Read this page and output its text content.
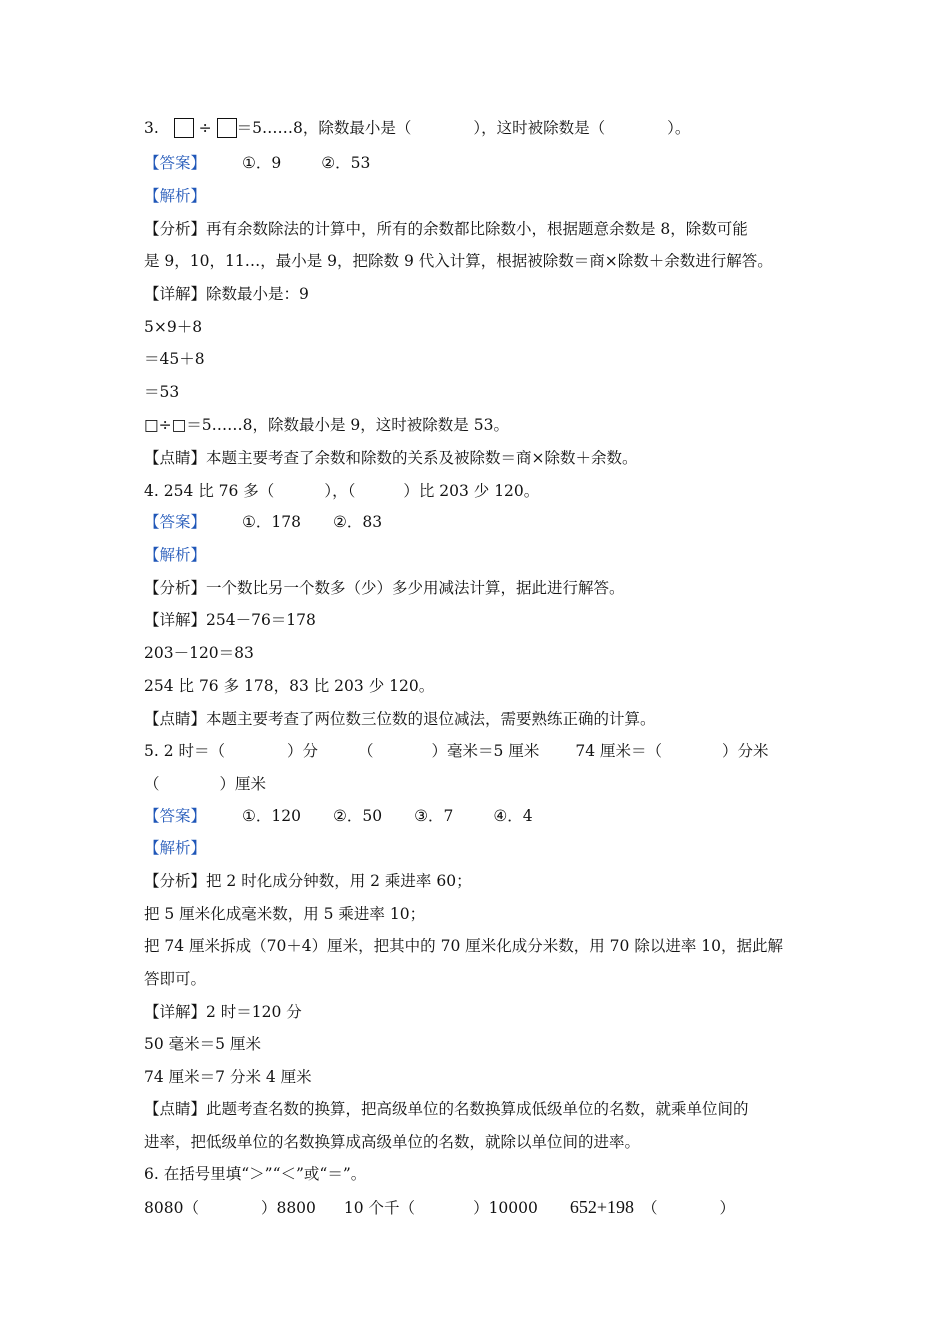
3.	÷ ＝5……8，除数最小是（	），这时被除数是（	）。
【答案】 ①．9	②．53
【解析】
【分析】再有余数除法的计算中，所有的余数都比除数小，根据题意余数是 8，除数可能
是 9，10，11…，最小是 9，把除数 9 代入计算，根据被除数＝商×除数＋余数进行解答。
【详解】除数最小是：9
5×9＋8
＝45＋8
＝53
□÷□＝5……8，除数最小是 9，这时被除数是 53。
【点睛】本题主要考查了余数和除数的关系及被除数＝商×除数＋余数。
4. 254 比 76 多（	），（	）比 203 少 120。
【答案】 ①．178 ②．83
【解析】
【分析】一个数比另一个数多（少）多少用减法计算，据此进行解答。
【详解】254－76＝178
203－120＝83
254 比 76 多 178，83 比 203 少 120。
【点睛】本题主要考查了两位数三位数的退位减法，需要熟练正确的计算。
5. 2 时＝（	）分	（	）毫米＝5 厘米 74 厘米＝（	）分米
（	）厘米
【答案】 ①．120 ②．50 ③．7	④．4
【解析】
【分析】把 2 时化成分钟数，用 2 乘进率 60；
把 5 厘米化成毫米数，用 5 乘进率 10；
把 74 厘米拆成（70＋4）厘米，把其中的 70 厘米化成分米数，用 70 除以进率 10，据此解
答即可。
【详解】2 时＝120 分
50 毫米＝5 厘米
74 厘米＝7 分米 4 厘米
【点睛】此题考查名数的换算，把高级单位的名数换算成低级单位的名数，就乘单位间的
进率，把低级单位的名数换算成高级单位的名数，就除以单位间的进率。
6. 在括号里填“＞”“＜”或“＝”。
8080（	）8800 10 个千（	）10000 652+198 （	）
